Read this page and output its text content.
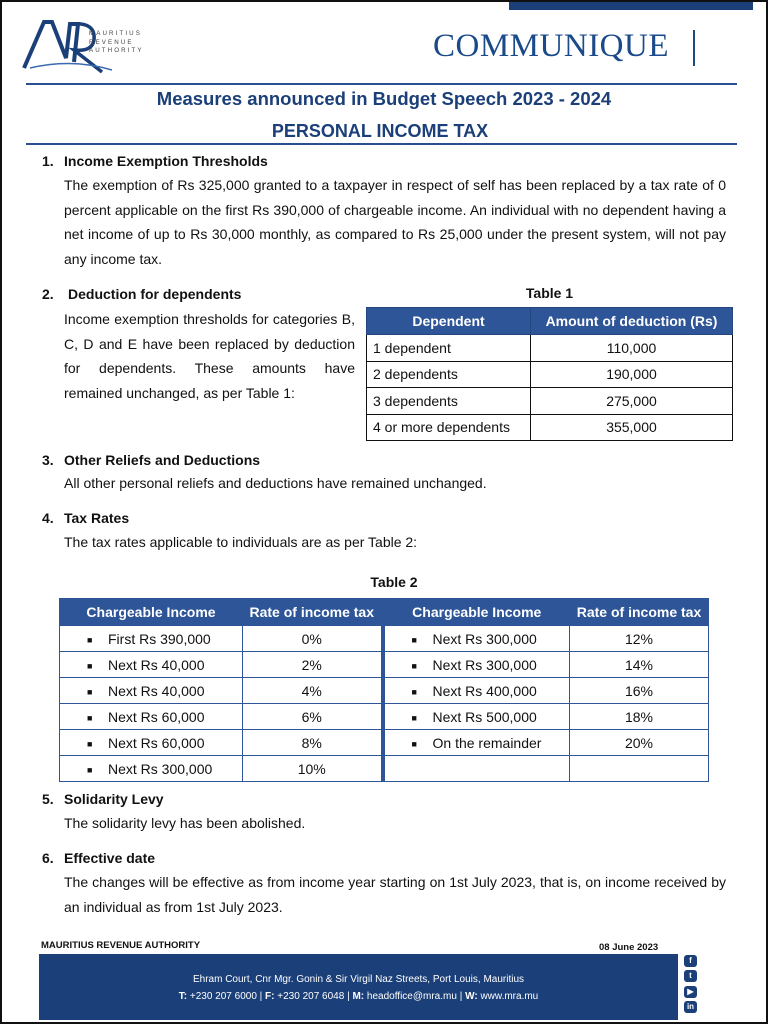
MAURITIUS
REVENUE
AUTHORITY	COMMUNIQUE
Measures announced in Budget Speech 2023 - 2024
PERSONAL INCOME TAX
1. Income Exemption Thresholds
The exemption of Rs 325,000 granted to a taxpayer in respect of self has been replaced by a tax rate of 0 percent applicable on the first Rs 390,000 of chargeable income. An individual with no dependent having a net income of up to Rs 30,000 monthly, as compared to Rs 25,000 under the present system, will not pay any income tax.
2. Deduction for dependents
Income exemption thresholds for categories B, C, D and E have been replaced by deduction for dependents. These amounts have remained unchanged, as per Table 1:
Table 1
Dependent	Amount of deduction (Rs)
1 dependent	110,000
2 dependents	190,000
3 dependents	275,000
4 or more dependents	355,000
3. Other Reliefs and Deductions
All other personal reliefs and deductions have remained unchanged.
4. Tax Rates
The tax rates applicable to individuals are as per Table 2:
Table 2
Chargeable Income	Rate of income tax	Chargeable Income	Rate of income tax
■ First Rs 390,000	0%	■ Next Rs 300,000	12%
■ Next Rs 40,000	2%	■ Next Rs 300,000	14%
■ Next Rs 40,000	4%	■ Next Rs 400,000	16%
■ Next Rs 60,000	6%	■ Next Rs 500,000	18%
■ Next Rs 60,000	8%	■ On the remainder	20%
■ Next Rs 300,000	10%		
5. Solidarity Levy
The solidarity levy has been abolished.
6. Effective date
The changes will be effective as from income year starting on 1st July 2023, that is, on income received by an individual as from 1st July 2023.
MAURITIUS REVENUE AUTHORITY	08 June 2023
Ehram Court, Cnr Mgr. Gonin & Sir Virgil Naz Streets, Port Louis, Mauritius
T: +230 207 6000 | F: +230 207 6048 | M: headoffice@mra.mu | W: www.mra.mu
f
t
▶
in
